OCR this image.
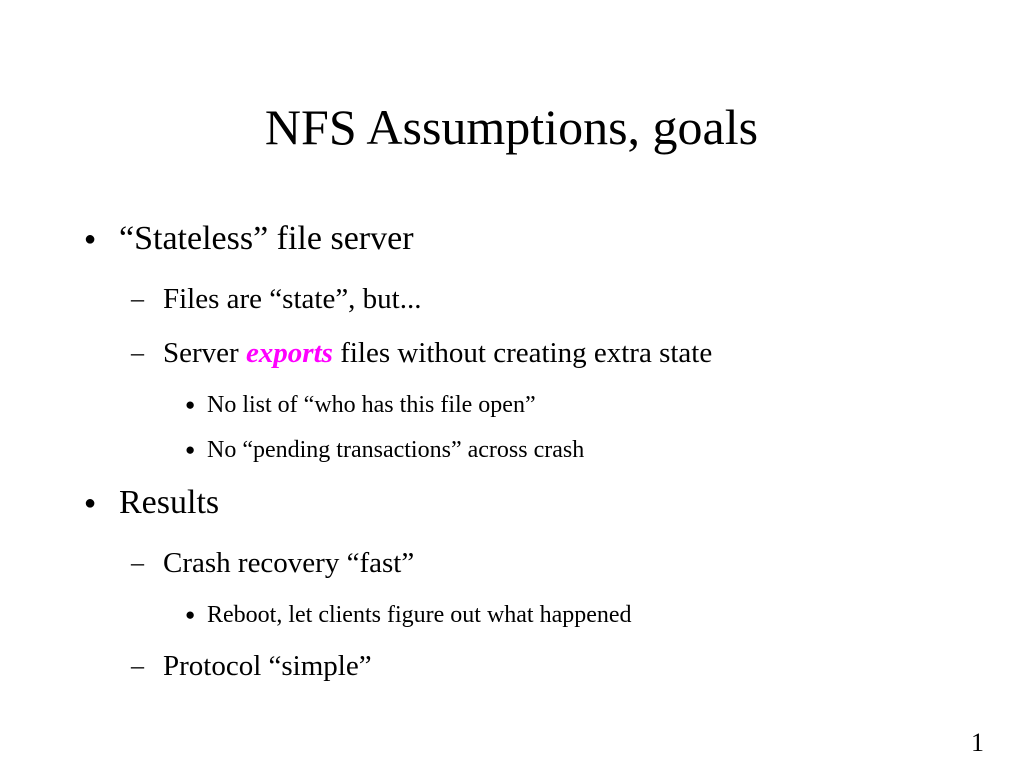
NFS Assumptions, goals
● “Stateless” file server
– Files are “state”, but...
– Server exports files without creating extra state
● No list of “who has this file open”
● No “pending transactions” across crash
● Results
– Crash recovery “fast”
● Reboot, let clients figure out what happened
– Protocol “simple”
1
